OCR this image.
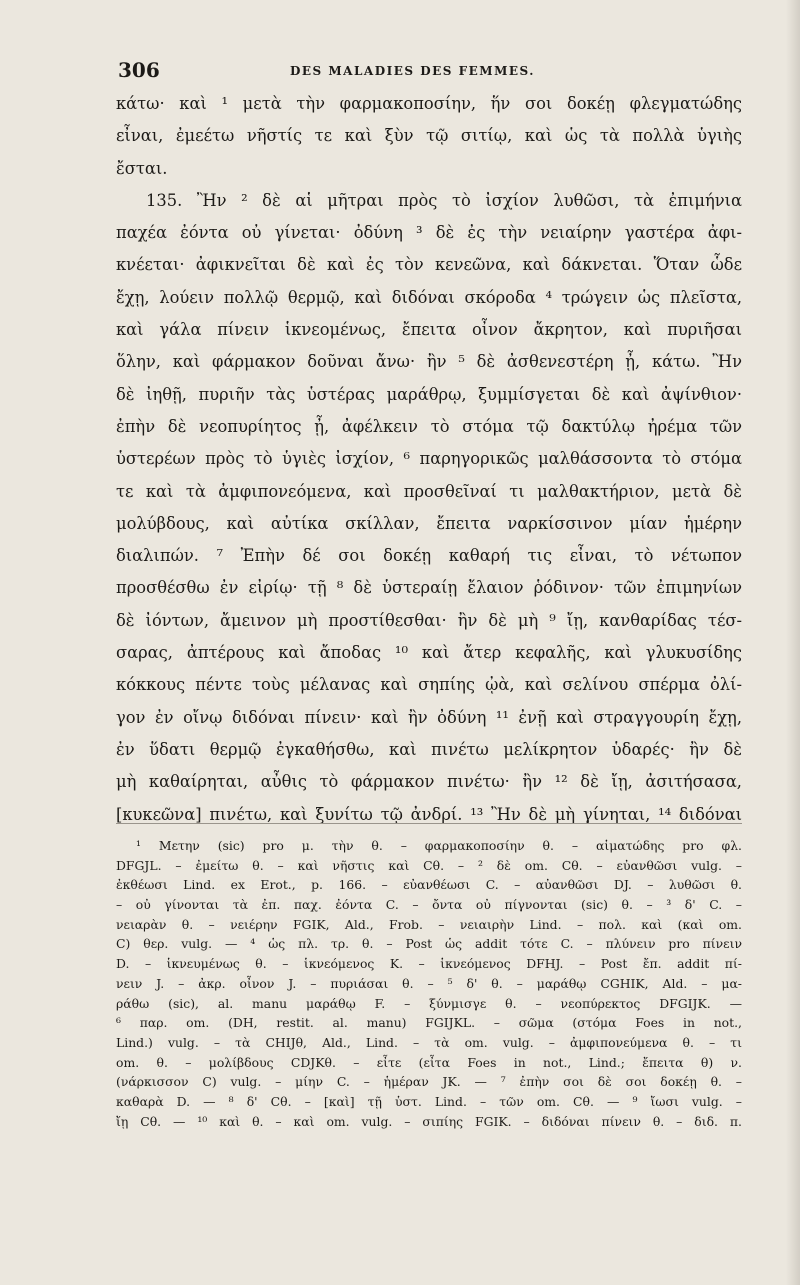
306	DES MALADIES DES FEMMES.
κάτω· καὶ ¹ μετὰ τὴν φαρμακοποσίην, ἥν σοι δοκέῃ φλεγματώδης
εἶναι, ἐμεέτω νῆστίς τε καὶ ξὺν τῷ σιτίῳ, καὶ ὡς τὰ πολλὰ ὑγιὴς
ἔσται.
135. Ἢν ² δὲ αἱ μῆτραι πρὸς τὸ ἰσχίον λυθῶσι, τὰ ἐπιμήνια
παχέα ἐόντα οὐ γίνεται· ὀδύνη ³ δὲ ἐς τὴν νειαίρην γαστέρα ἀφι-
κνέεται· ἀφικνεῖται δὲ καὶ ἐς τὸν κενεῶνα, καὶ δάκνεται. Ὅταν ὧδε
ἔχῃ, λούειν πολλῷ θερμῷ, καὶ διδόναι σκόροδα ⁴ τρώγειν ὡς πλεῖστα,
καὶ γάλα πίνειν ἱκνεομένως, ἔπειτα οἶνον ἄκρητον, καὶ πυριῆσαι
ὅλην, καὶ φάρμακον δοῦναι ἄνω· ἢν ⁵ δὲ ἀσθενεστέρη ᾖ, κάτω. Ἢν
δὲ ἰηθῇ, πυριῆν τὰς ὑστέρας μαράθρῳ, ξυμμίσγεται δὲ καὶ ἀψίνθιον·
ἐπὴν δὲ νεοπυρίητος ᾖ, ἀφέλκειν τὸ στόμα τῷ δακτύλῳ ἠρέμα τῶν
ὑστερέων πρὸς τὸ ὑγιὲς ἰσχίον, ⁶ παρηγορικῶς μαλθάσσοντα τὸ στόμα
τε καὶ τὰ ἀμφιπονεόμενα, καὶ προσθεῖναί τι μαλθακτήριον, μετὰ δὲ
μολύβδους, καὶ αὐτίκα σκίλλαν, ἔπειτα ναρκίσσινον μίαν ἡμέρην
διαλιπών. ⁷ Ἐπὴν δέ σοι δοκέῃ καθαρή τις εἶναι, τὸ νέτωπον
προσθέσθω ἐν εἰρίῳ· τῇ ⁸ δὲ ὑστεραίῃ ἔλαιον ῥόδινον· τῶν ἐπιμηνίων
δὲ ἰόντων, ἄμεινον μὴ προστίθεσθαι· ἢν δὲ μὴ ⁹ ἴῃ, κανθαρίδας τέσ-
σαρας, ἀπτέρους καὶ ἄποδας ¹⁰ καὶ ἄτερ κεφαλῆς, καὶ γλυκυσίδης
κόκκους πέντε τοὺς μέλανας καὶ σηπίης ᾠὰ, καὶ σελίνου σπέρμα ὀλί-
γον ἐν οἴνῳ διδόναι πίνειν· καὶ ἢν ὀδύνη ¹¹ ἐνῇ καὶ στραγγουρίη ἔχῃ,
ἐν ὕδατι θερμῷ ἐγκαθήσθω, καὶ πινέτω μελίκρητον ὑδαρές· ἢν δὲ
μὴ καθαίρηται, αὖθις τὸ φάρμακον πινέτω· ἢν ¹² δὲ ἴῃ, ἀσιτήσασα,
[κυκεῶνα] πινέτω, καὶ ξυνίτω τῷ ἀνδρί. ¹³ Ἢν δὲ μὴ γίνηται, ¹⁴ διδόναι
¹ Μετην (sic) pro μ. τὴν θ. – φαρμακοποσίην θ. – αἱματώδης pro φλ.
DFGJL. – ἐμείτω θ. – καὶ νῆστις καὶ Cθ. – ² δὲ om. Cθ. – εὐανθῶσι vulg. –
ἐκθέωσι Lind. ex Erot., p. 166. – εὐανθέωσι C. – αὐανθῶσι DJ. – λυθῶσι θ.
– οὐ γίνονται τὰ ἐπ. παχ. ἐόντα C. – ὄντα οὐ πίγνονται (sic) θ. – ³ δ' C. –
νειαρὰν θ. – νειέρην FGIK, Ald., Frob. – νειαιρὴν Lind. – πολ. καὶ (καὶ om.
C) θερ. vulg. — ⁴ ὡς πλ. τρ. θ. – Post ὡς addit τότε C. – πλύνειν pro πίνειν
D. – ἱκνευμένως θ. – ἱκνεόμενος K. – ἱκνεόμενος DFHJ. – Post ἔπ. addit πί-
νειν J. – ἀκρ. οἶνον J. – πυριάσαι θ. – ⁵ δ' θ. – μαράθῳ CGHIK, Ald. – μα-
ράθω (sic), al. manu μαράθῳ F. – ξύνμισγε θ. – νεοπύρεκτος DFGIJK. —
⁶ παρ. om. (DH, restit. al. manu) FGIJKL. – σῶμα (στόμα Foes in not.,
Lind.) vulg. – τὰ CHIJθ, Ald., Lind. – τὰ om. vulg. – ἀμφιπονεύμενα θ. – τι
om. θ. – μολίβδους CDJKθ. – εἶτε (εἶτα Foes in not., Lind.; ἔπειτα θ) ν.
(νάρκισσον C) vulg. – μίην C. – ἡμέραν JK. — ⁷ ἐπὴν σοι δὲ σοι δοκέῃ θ. –
καθαρὰ D. — ⁸ δ' Cθ. – [καὶ] τῇ ὑστ. Lind. – τῶν om. Cθ. — ⁹ ἴωσι vulg. –
ἴῃ Cθ. — ¹⁰ καὶ θ. – καὶ om. vulg. – σιπίης FGIK. – διδόναι πίνειν θ. – διδ. π.
